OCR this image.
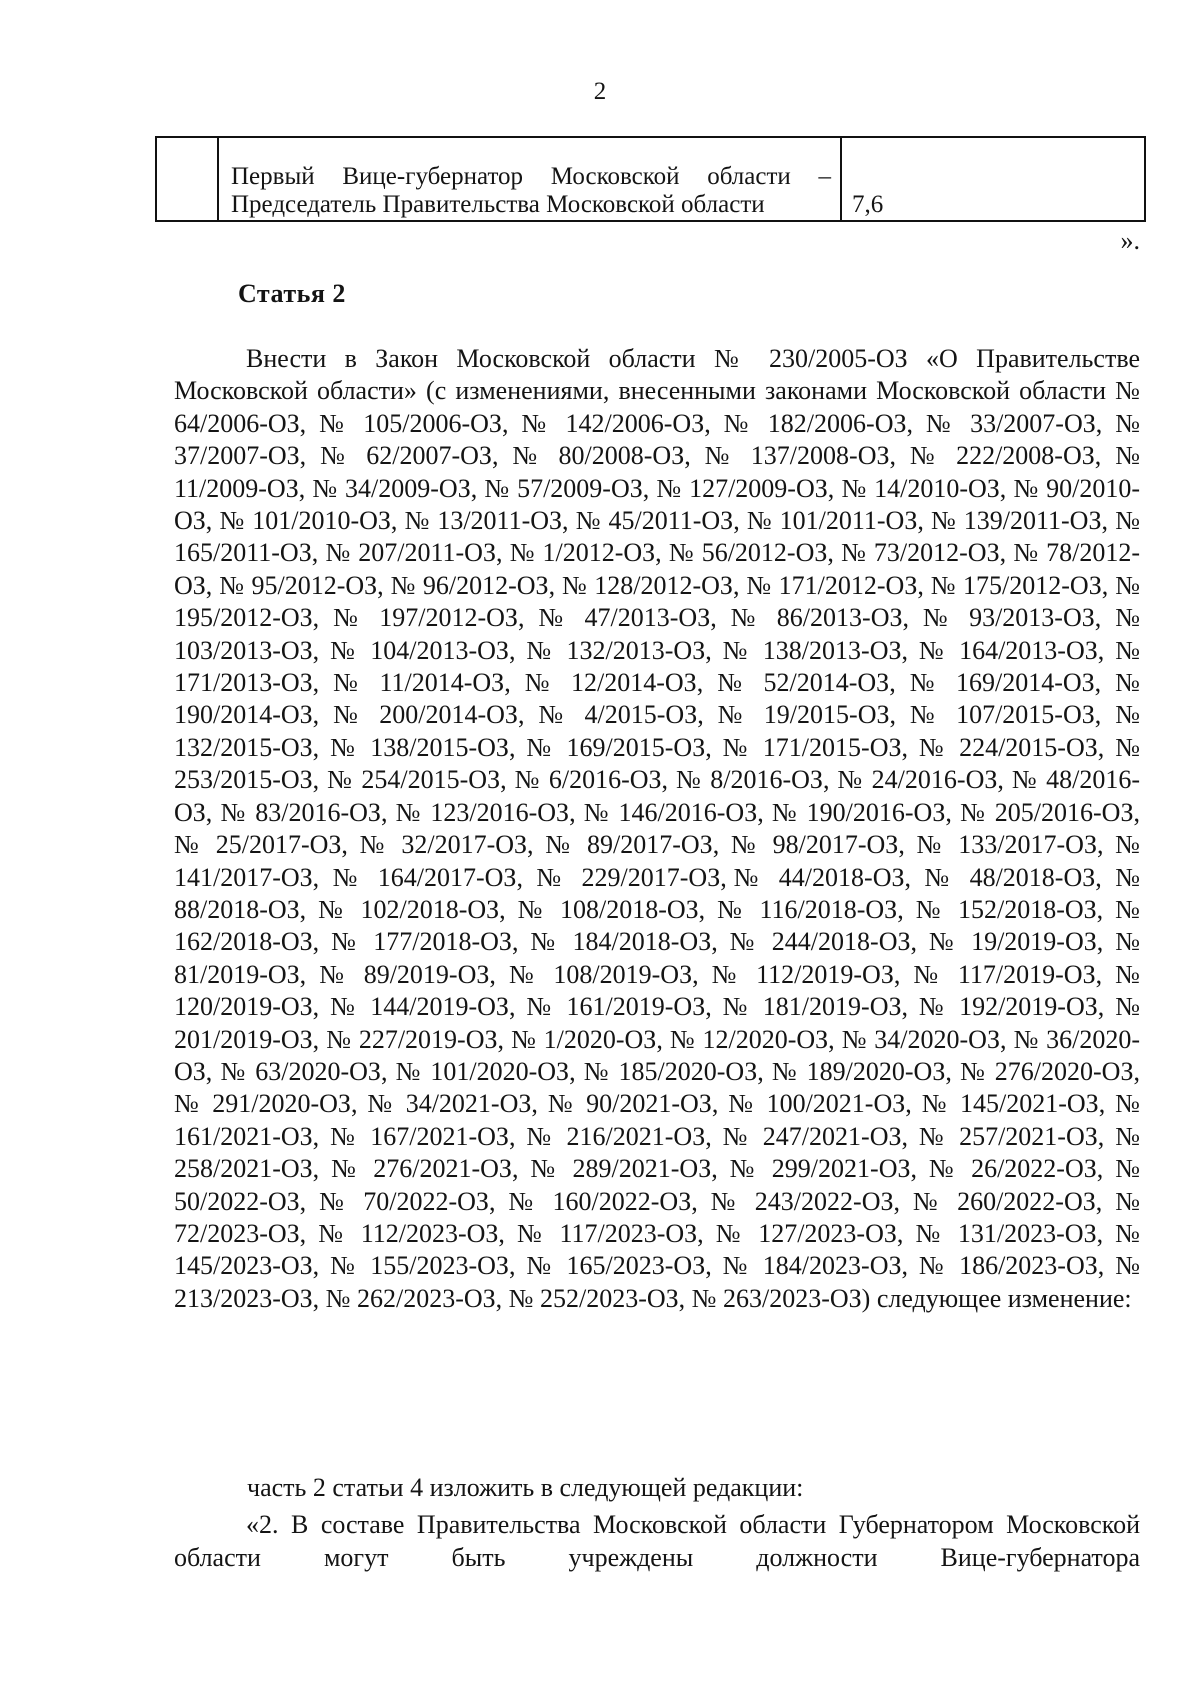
2

Первый Вице-губернатор Московской области –
Председатель Правительства Московской области	7,6
».
Статья 2

Внести в Закон Московской области № 230/2005-ОЗ «О Правительстве Московской области» (с изменениями, внесенными законами Московской области № 64/2006-ОЗ, № 105/2006-ОЗ, № 142/2006-ОЗ, № 182/2006-ОЗ, № 33/2007-ОЗ, № 37/2007-ОЗ, № 62/2007-ОЗ, № 80/2008-ОЗ, № 137/2008-ОЗ, № 222/2008-ОЗ, № 11/2009-ОЗ, № 34/2009-ОЗ, № 57/2009-ОЗ, № 127/2009-ОЗ, № 14/2010-ОЗ, № 90/2010-ОЗ, № 101/2010-ОЗ, № 13/2011-ОЗ, № 45/2011-ОЗ, № 101/2011-ОЗ, № 139/2011-ОЗ, № 165/2011-ОЗ, № 207/2011-ОЗ, № 1/2012-ОЗ, № 56/2012-ОЗ, № 73/2012-ОЗ, № 78/2012-ОЗ, № 95/2012-ОЗ, № 96/2012-ОЗ, № 128/2012-ОЗ, № 171/2012-ОЗ, № 175/2012-ОЗ, № 195/2012-ОЗ, № 197/2012-ОЗ, № 47/2013-ОЗ, № 86/2013-ОЗ, № 93/2013-ОЗ, № 103/2013-ОЗ, № 104/2013-ОЗ, № 132/2013-ОЗ, № 138/2013-ОЗ, № 164/2013-ОЗ, № 171/2013-ОЗ, № 11/2014-ОЗ, № 12/2014-ОЗ, № 52/2014-ОЗ, № 169/2014-ОЗ, № 190/2014-ОЗ, № 200/2014-ОЗ, № 4/2015-ОЗ, № 19/2015-ОЗ, № 107/2015-ОЗ, № 132/2015-ОЗ, № 138/2015-ОЗ, № 169/2015-ОЗ, № 171/2015-ОЗ, № 224/2015-ОЗ, № 253/2015-ОЗ, № 254/2015-ОЗ, № 6/2016-ОЗ, № 8/2016-ОЗ, № 24/2016-ОЗ, № 48/2016-ОЗ, № 83/2016-ОЗ, № 123/2016-ОЗ, № 146/2016-ОЗ, № 190/2016-ОЗ, № 205/2016-ОЗ, № 25/2017-ОЗ, № 32/2017-ОЗ, № 89/2017-ОЗ, № 98/2017-ОЗ, № 133/2017-ОЗ, № 141/2017-ОЗ, № 164/2017-ОЗ, № 229/2017-ОЗ,№ 44/2018-ОЗ, № 48/2018-ОЗ, № 88/2018-ОЗ, № 102/2018-ОЗ, № 108/2018-ОЗ, № 116/2018-ОЗ, № 152/2018-ОЗ, № 162/2018-ОЗ, № 177/2018-ОЗ, № 184/2018-ОЗ, № 244/2018-ОЗ, № 19/2019-ОЗ, № 81/2019-ОЗ, № 89/2019-ОЗ, № 108/2019-ОЗ, № 112/2019-ОЗ, № 117/2019-ОЗ, № 120/2019-ОЗ, № 144/2019-ОЗ, № 161/2019-ОЗ, № 181/2019-ОЗ, № 192/2019-ОЗ, № 201/2019-ОЗ, № 227/2019-ОЗ, № 1/2020-ОЗ, № 12/2020-ОЗ, № 34/2020-ОЗ, № 36/2020-ОЗ, № 63/2020-ОЗ, № 101/2020-ОЗ, № 185/2020-ОЗ, № 189/2020-ОЗ, № 276/2020-ОЗ, № 291/2020-ОЗ, № 34/2021-ОЗ, № 90/2021-ОЗ, № 100/2021-ОЗ, № 145/2021-ОЗ, № 161/2021-ОЗ, № 167/2021-ОЗ, № 216/2021-ОЗ, № 247/2021-ОЗ, № 257/2021-ОЗ, № 258/2021-ОЗ, № 276/2021-ОЗ, № 289/2021-ОЗ, № 299/2021-ОЗ, № 26/2022-ОЗ, № 50/2022-ОЗ, № 70/2022-ОЗ, № 160/2022-ОЗ, № 243/2022-ОЗ, № 260/2022-ОЗ, № 72/2023-ОЗ, № 112/2023-ОЗ, № 117/2023-ОЗ, № 127/2023-ОЗ, № 131/2023-ОЗ, № 145/2023-ОЗ, № 155/2023-ОЗ, № 165/2023-ОЗ, № 184/2023-ОЗ, № 186/2023-ОЗ, № 213/2023-ОЗ, № 262/2023-ОЗ, № 252/2023-ОЗ, № 263/2023-ОЗ) следующее изменение:

часть 2 статьи 4 изложить в следующей редакции:
«2. В составе Правительства Московской области Губернатором Московской области могут быть учреждены должности Вице-губернатора
